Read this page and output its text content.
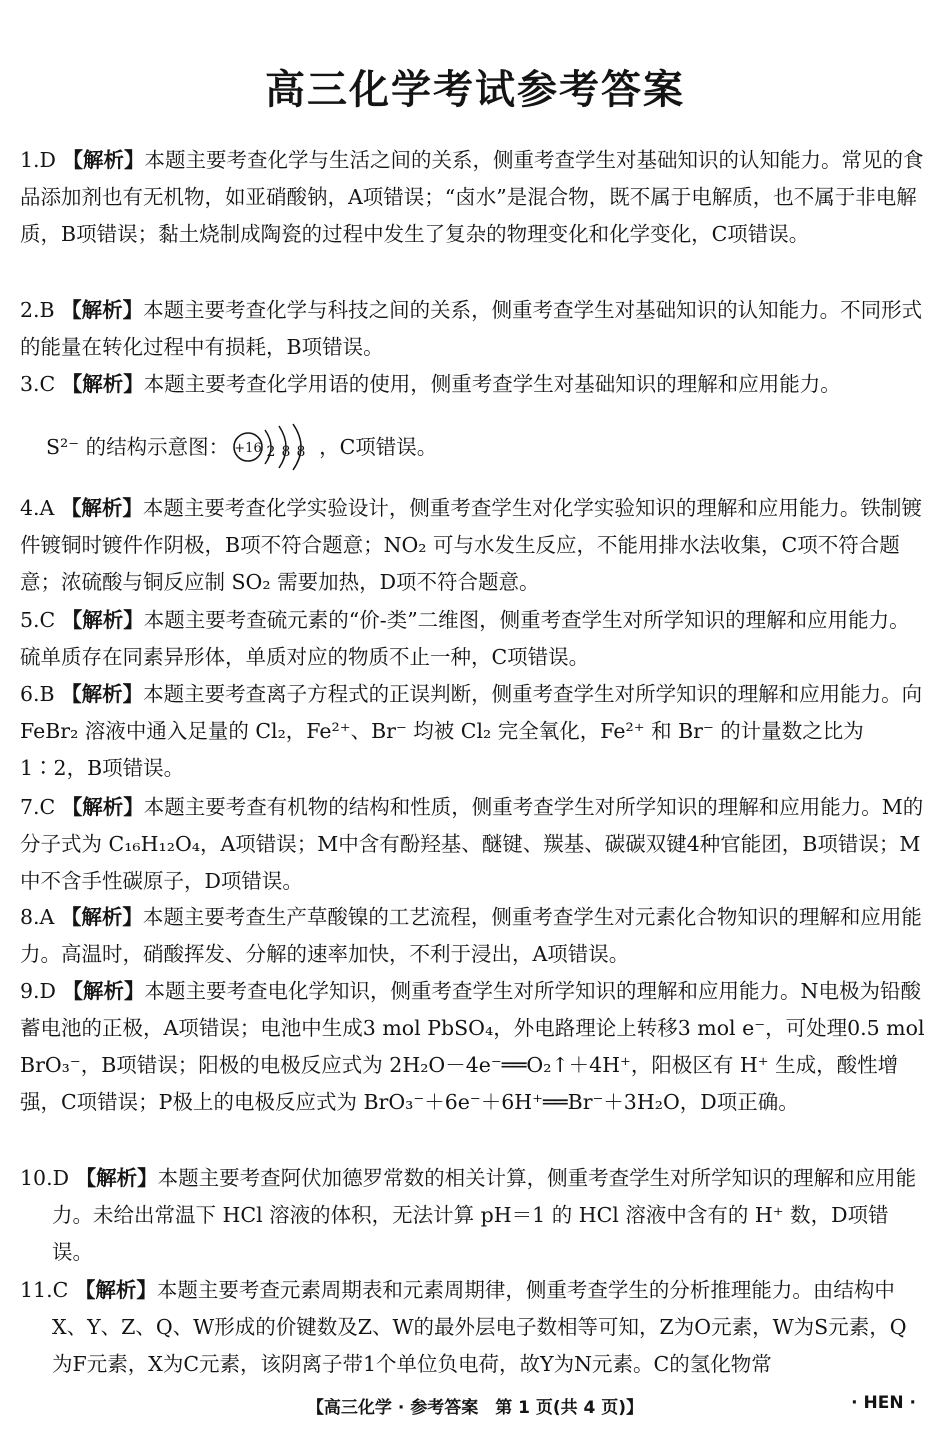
高三化学考试参考答案
1.D 【解析】本题主要考查化学与生活之间的关系，侧重考查学生对基础知识的认知能力。常见的食品添加剂也有无机物，如亚硝酸钠，A项错误；“卤水”是混合物，既不属于电解质，也不属于非电解质，B项错误；黏土烧制成陶瓷的过程中发生了复杂的物理变化和化学变化，C项错误。
2.B 【解析】本题主要考查化学与科技之间的关系，侧重考查学生对基础知识的认知能力。不同形式的能量在转化过程中有损耗，B项错误。
3.C 【解析】本题主要考查化学用语的使用，侧重考查学生对基础知识的理解和应用能力。
S²⁻ 的结构示意图： +16 2 8 8 ，C项错误。
4.A 【解析】本题主要考查化学实验设计，侧重考查学生对化学实验知识的理解和应用能力。铁制镀件镀铜时镀件作阴极，B项不符合题意；NO₂ 可与水发生反应，不能用排水法收集，C项不符合题意；浓硫酸与铜反应制 SO₂ 需要加热，D项不符合题意。
5.C 【解析】本题主要考查硫元素的“价-类”二维图，侧重考查学生对所学知识的理解和应用能力。硫单质存在同素异形体，单质对应的物质不止一种，C项错误。
6.B 【解析】本题主要考查离子方程式的正误判断，侧重考查学生对所学知识的理解和应用能力。向 FeBr₂ 溶液中通入足量的 Cl₂，Fe²⁺、Br⁻ 均被 Cl₂ 完全氧化，Fe²⁺ 和 Br⁻ 的计量数之比为1∶2，B项错误。
7.C 【解析】本题主要考查有机物的结构和性质，侧重考查学生对所学知识的理解和应用能力。M的分子式为 C₁₆H₁₂O₄，A项错误；M中含有酚羟基、醚键、羰基、碳碳双键4种官能团，B项错误；M中不含手性碳原子，D项错误。
8.A 【解析】本题主要考查生产草酸镍的工艺流程，侧重考查学生对元素化合物知识的理解和应用能力。高温时，硝酸挥发、分解的速率加快，不利于浸出，A项错误。
9.D 【解析】本题主要考查电化学知识，侧重考查学生对所学知识的理解和应用能力。N电极为铅酸蓄电池的正极，A项错误；电池中生成3 mol PbSO₄，外电路理论上转移3 mol e⁻，可处理0.5 mol BrO₃⁻，B项错误；阳极的电极反应式为 2H₂O－4e⁻══O₂↑＋4H⁺，阳极区有 H⁺ 生成，酸性增强，C项错误；P极上的电极反应式为 BrO₃⁻＋6e⁻＋6H⁺══Br⁻＋3H₂O，D项正确。
10.D 【解析】本题主要考查阿伏加德罗常数的相关计算，侧重考查学生对所学知识的理解和应用能力。未给出常温下 HCl 溶液的体积，无法计算 pH＝1 的 HCl 溶液中含有的 H⁺ 数，D项错误。
11.C 【解析】本题主要考查元素周期表和元素周期律，侧重考查学生的分析推理能力。由结构中X、Y、Z、Q、W形成的价键数及Z、W的最外层电子数相等可知，Z为O元素，W为S元素，Q为F元素，X为C元素，该阴离子带1个单位负电荷，故Y为N元素。C的氢化物常
【高三化学 · 参考答案　第 1 页(共 4 页)】	· HEN ·
